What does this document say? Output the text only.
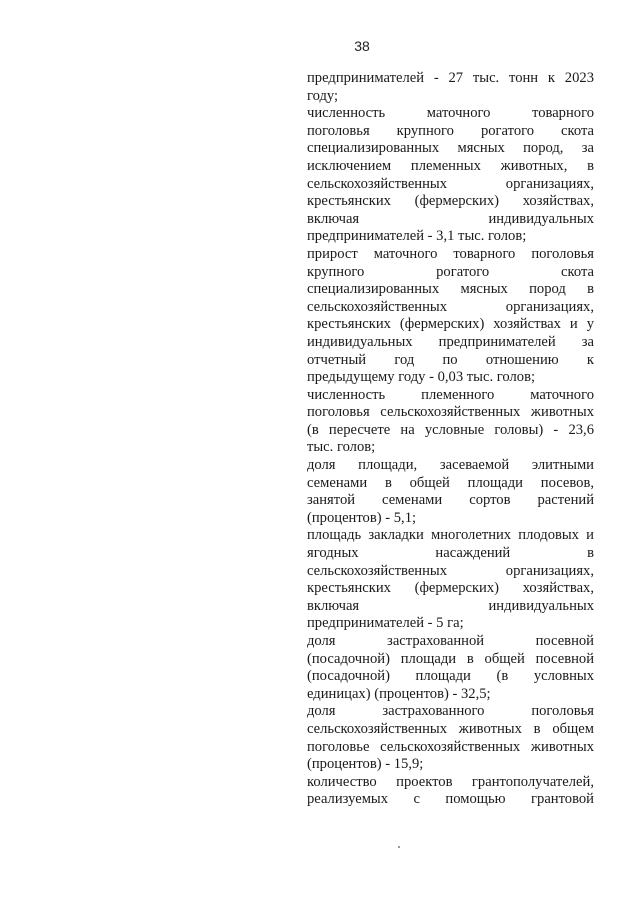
38
предпринимателей - 27 тыс. тонн к 2023
году;
численность маточного товарного
поголовья крупного рогатого скота
специализированных мясных пород, за
исключением племенных животных, в
сельскохозяйственных организациях,
крестьянских (фермерских) хозяйствах,
включая индивидуальных
предпринимателей - 3,1 тыс. голов;
прирост маточного товарного поголовья
крупного рогатого скота
специализированных мясных пород в
сельскохозяйственных организациях,
крестьянских (фермерских) хозяйствах и у
индивидуальных предпринимателей за
отчетный год по отношению к
предыдущему году - 0,03 тыс. голов;
численность племенного маточного
поголовья сельскохозяйственных животных
(в пересчете на условные головы) - 23,6
тыс. голов;
доля площади, засеваемой элитными
семенами в общей площади посевов,
занятой семенами сортов растений
(процентов) - 5,1;
площадь закладки многолетних плодовых и
ягодных насаждений в
сельскохозяйственных организациях,
крестьянских (фермерских) хозяйствах,
включая индивидуальных
предпринимателей - 5 га;
доля застрахованной посевной
(посадочной) площади в общей посевной
(посадочной) площади (в условных
единицах) (процентов) - 32,5;
доля застрахованного поголовья
сельскохозяйственных животных в общем
поголовье сельскохозяйственных животных
(процентов) - 15,9;
количество проектов грантополучателей,
реализуемых с помощью грантовой
